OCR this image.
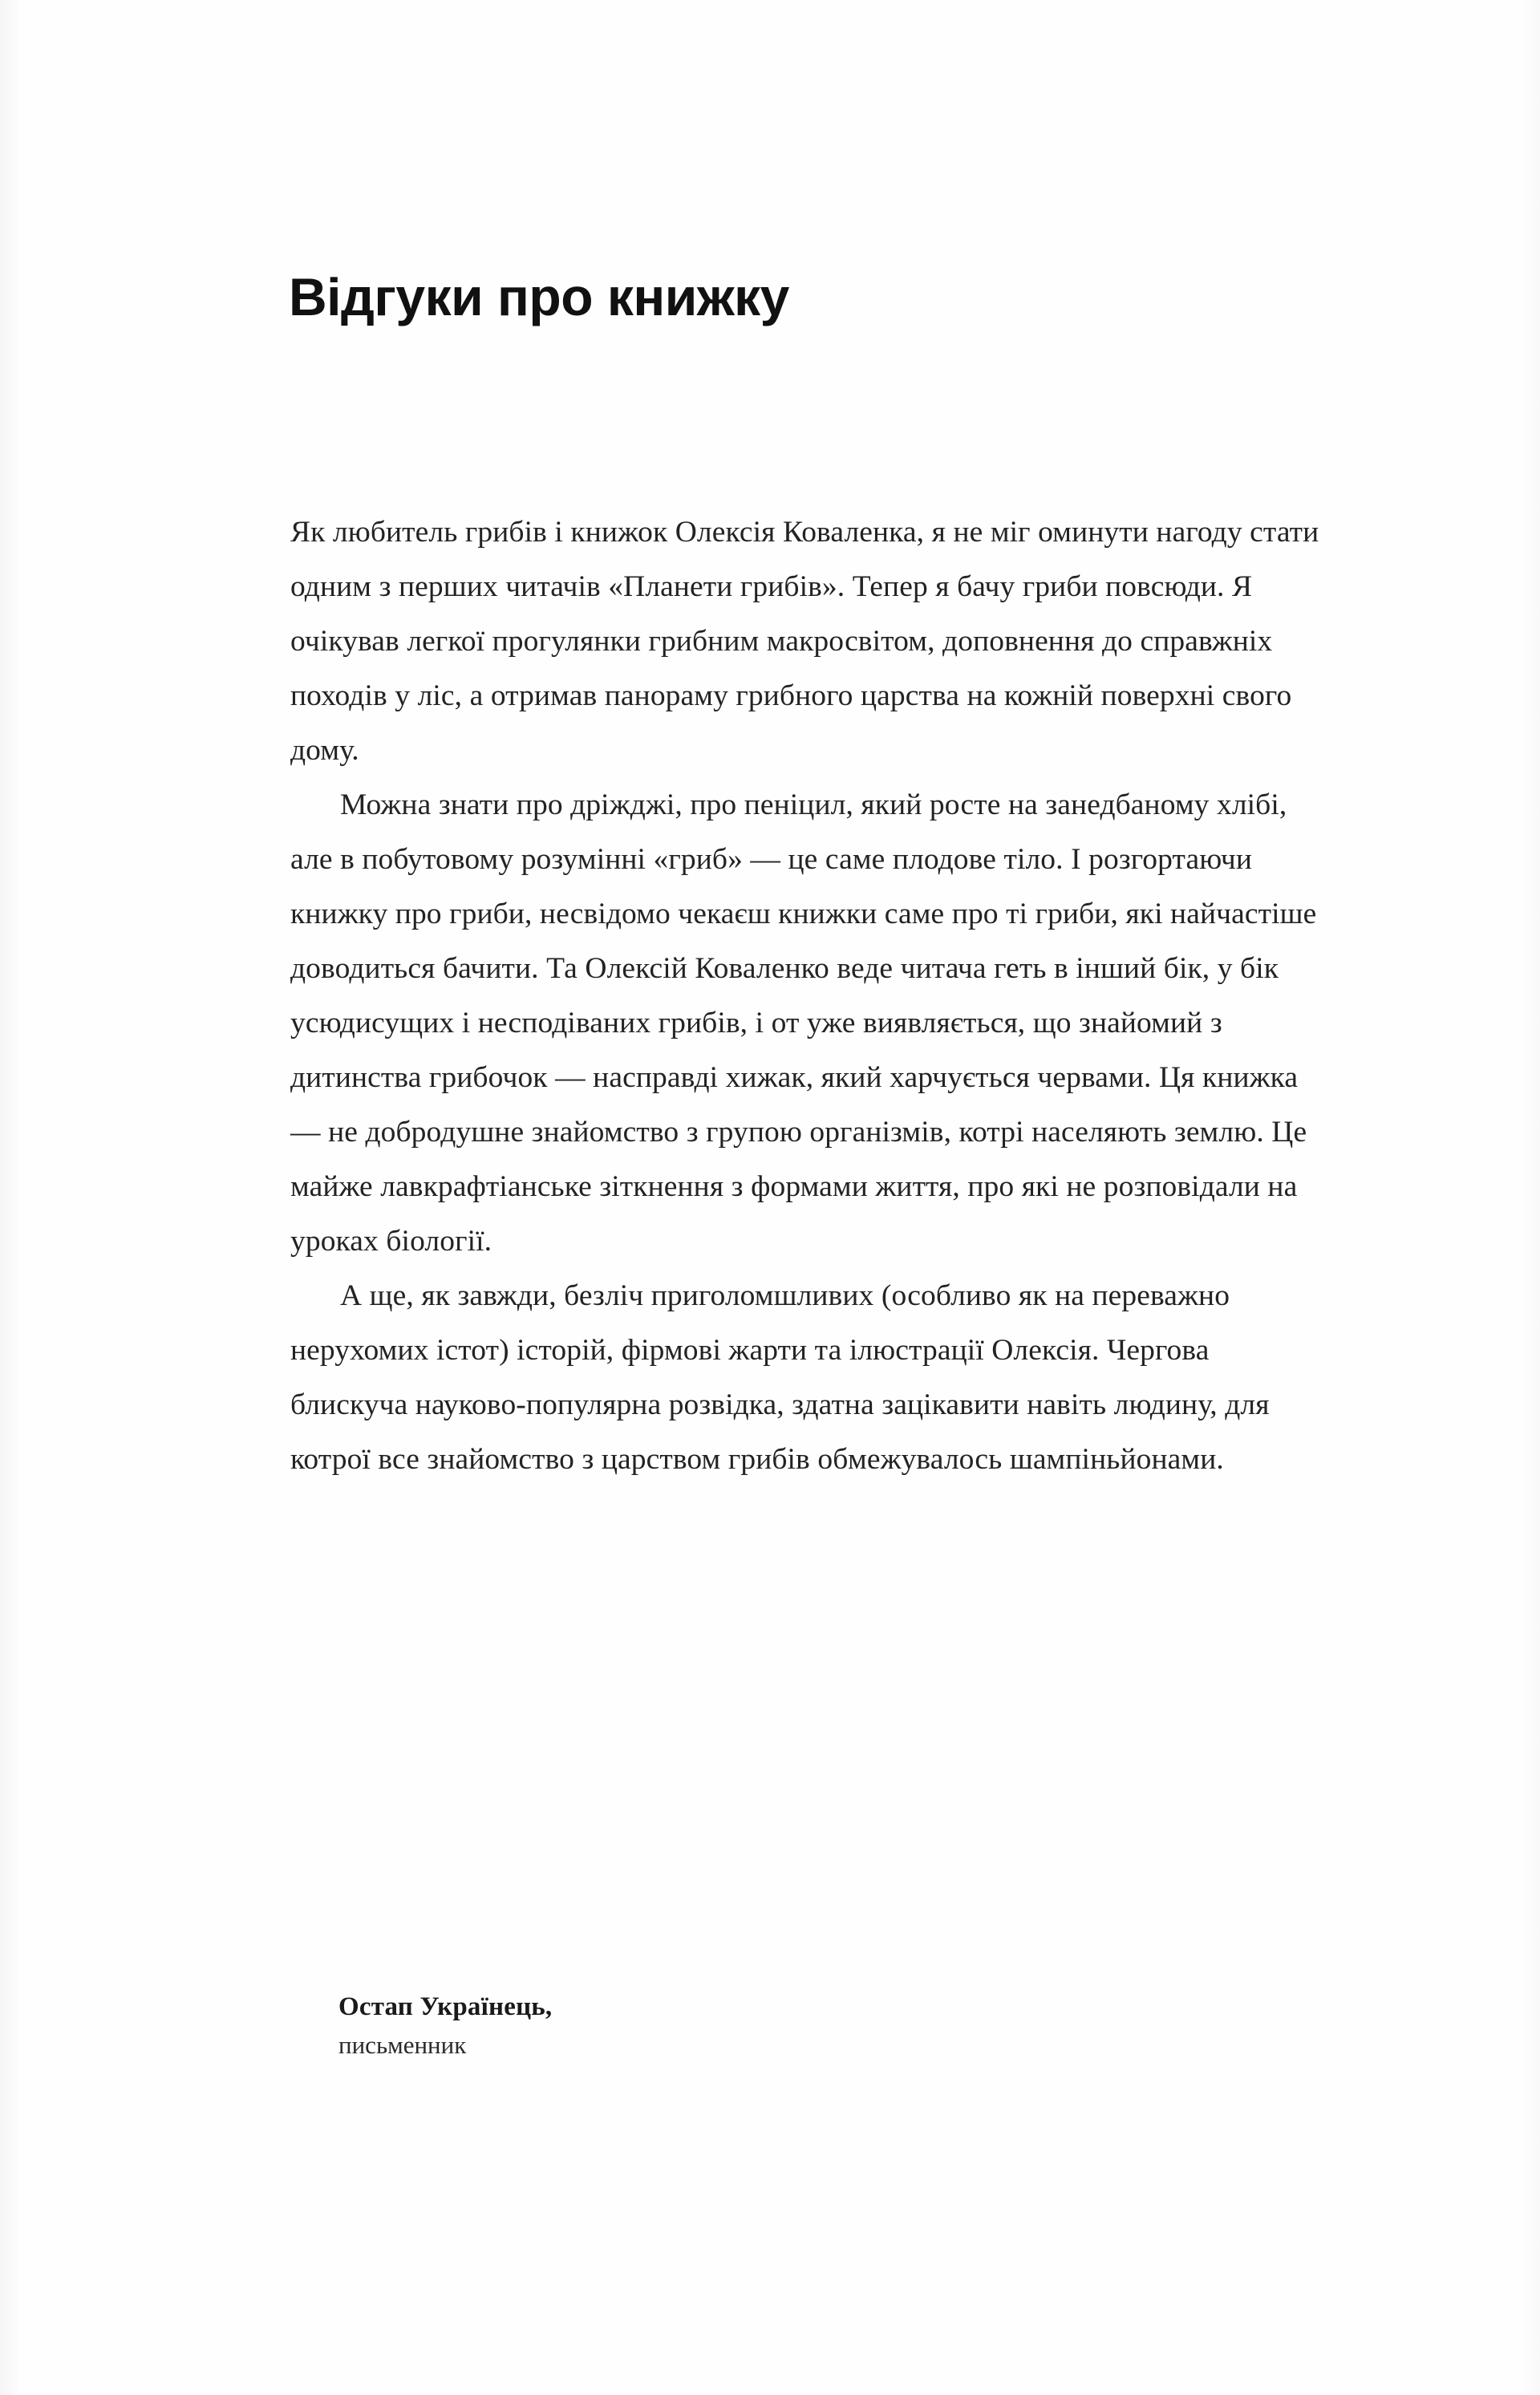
Відгуки про книжку

Як любитель грибів і книжок Олексія Коваленка, я не міг оминути нагоду стати одним з перших читачів «Планети грибів». Тепер я бачу гриби повсюди. Я очікував легкої прогулянки грибним макросвітом, доповнення до справжніх походів у ліс, а отримав панораму грибного царства на кожній поверхні свого дому.

Можна знати про дріжджі, про пеніцил, який росте на занедбаному хлібі, але в побутовому розумінні «гриб» — це саме плодове тіло. І розгортаючи книжку про гриби, несвідомо чекаєш книжки саме про ті гриби, які найчастіше доводиться бачити. Та Олексій Коваленко веде читача геть в інший бік, у бік усюдисущих і несподіваних грибів, і от уже виявляється, що знайомий з дитинства грибочок — насправді хижак, який харчується червами. Ця книжка — не добродушне знайомство з групою організмів, котрі населяють землю. Це майже лавкрафтіанське зіткнення з формами життя, про які не розповідали на уроках біології.

А ще, як завжди, безліч приголомшливих (особливо як на переважно нерухомих істот) історій, фірмові жарти та ілюстрації Олексія. Чергова блискуча науково-популярна розвідка, здатна зацікавити навіть людину, для котрої все знайомство з царством грибів обмежувалось шампіньйонами.

Остап Українець,
письменник
